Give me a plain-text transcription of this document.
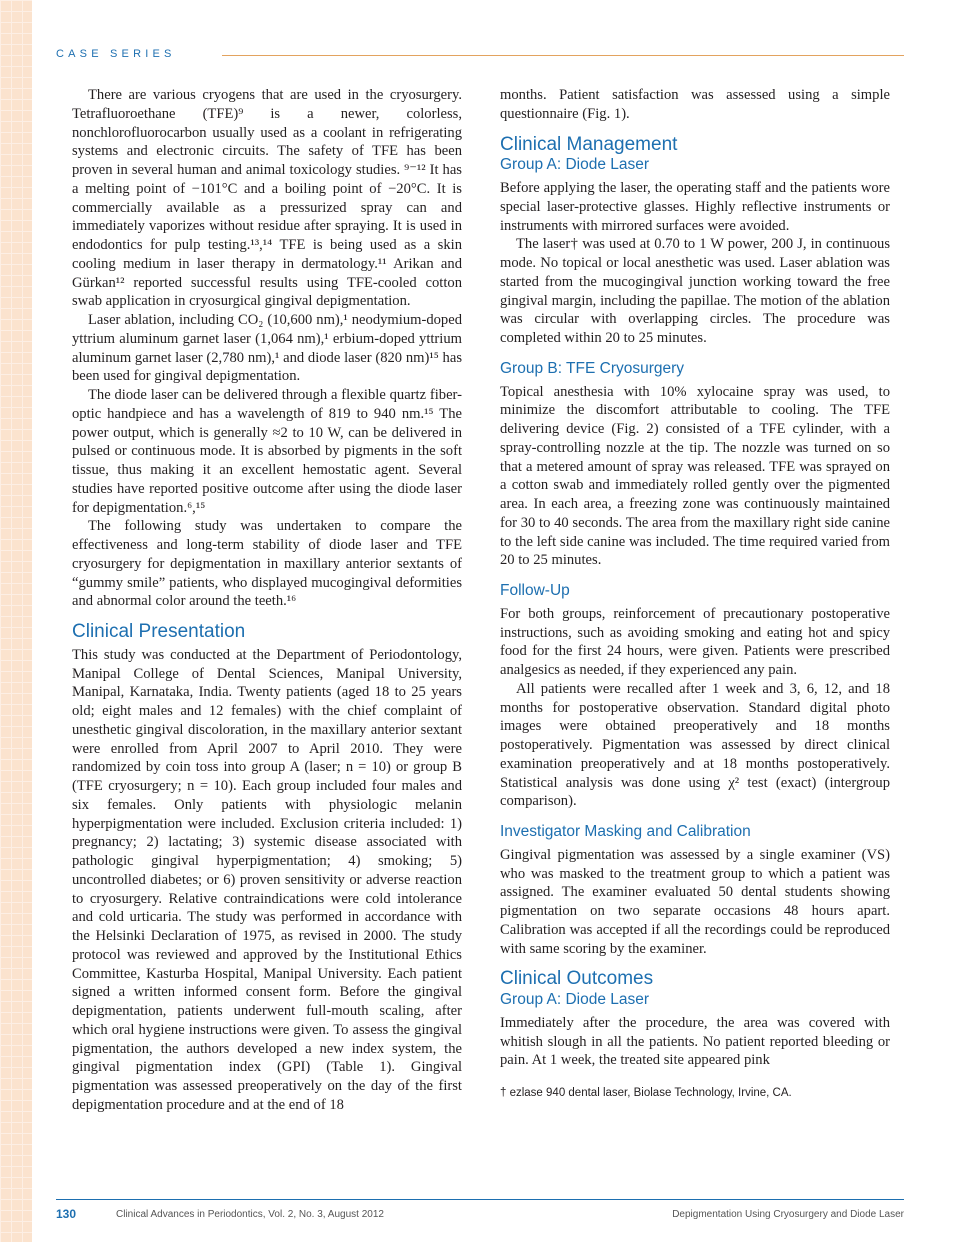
CASE SERIES

There are various cryogens that are used in the cryosurgery. Tetrafluoroethane (TFE)⁹ is a newer, colorless, nonchlorofluorocarbon usually used as a coolant in refrigerating systems and electronic circuits. The safety of TFE has been proven in several human and animal toxicology studies. ⁹⁻¹² It has a melting point of −101°C and a boiling point of −20°C. It is commercially available as a pressurized spray can and immediately vaporizes without residue after spraying. It is used in endodontics for pulp testing.¹³,¹⁴ TFE is being used as a skin cooling medium in laser therapy in dermatology.¹¹ Arikan and Gürkan¹² reported successful results using TFE-cooled cotton swab application in cryosurgical gingival depigmentation.

Laser ablation, including CO₂ (10,600 nm),¹ neodymium-doped yttrium aluminum garnet laser (1,064 nm),¹ erbium-doped yttrium aluminum garnet laser (2,780 nm),¹ and diode laser (820 nm)¹⁵ has been used for gingival depigmentation.

The diode laser can be delivered through a flexible quartz fiber-optic handpiece and has a wavelength of 819 to 940 nm.¹⁵ The power output, which is generally ≈2 to 10 W, can be delivered in pulsed or continuous mode. It is absorbed by pigments in the soft tissue, thus making it an excellent hemostatic agent. Several studies have reported positive outcome after using the diode laser for depigmentation.⁶,¹⁵

The following study was undertaken to compare the effectiveness and long-term stability of diode laser and TFE cryosurgery for depigmentation in maxillary anterior sextants of “gummy smile” patients, who displayed mucogingival deformities and abnormal color around the teeth.¹⁶

Clinical Presentation

This study was conducted at the Department of Periodontology, Manipal College of Dental Sciences, Manipal University, Manipal, Karnataka, India. Twenty patients (aged 18 to 25 years old; eight males and 12 females) with the chief complaint of unesthetic gingival discoloration, in the maxillary anterior sextant were enrolled from April 2007 to April 2010. They were randomized by coin toss into group A (laser; n = 10) or group B (TFE cryosurgery; n = 10). Each group included four males and six females. Only patients with physiologic melanin hyperpigmentation were included. Exclusion criteria included: 1) pregnancy; 2) lactating; 3) systemic disease associated with pathologic gingival hyperpigmentation; 4) smoking; 5) uncontrolled diabetes; or 6) proven sensitivity or adverse reaction to cryosurgery. Relative contraindications were cold intolerance and cold urticaria. The study was performed in accordance with the Helsinki Declaration of 1975, as revised in 2000. The study protocol was reviewed and approved by the Institutional Ethics Committee, Kasturba Hospital, Manipal University. Each patient signed a written informed consent form. Before the gingival depigmentation, patients underwent full-mouth scaling, after which oral hygiene instructions were given. To assess the gingival pigmentation, the authors developed a new index system, the gingival pigmentation index (GPI) (Table 1). Gingival pigmentation was assessed preoperatively on the day of the first depigmentation procedure and at the end of 18

months. Patient satisfaction was assessed using a simple questionnaire (Fig. 1).

Clinical Management
Group A: Diode Laser

Before applying the laser, the operating staff and the patients wore special laser-protective glasses. Highly reflective instruments or instruments with mirrored surfaces were avoided.

The laser† was used at 0.70 to 1 W power, 200 J, in continuous mode. No topical or local anesthetic was used. Laser ablation was started from the mucogingival junction working toward the free gingival margin, including the papillae. The motion of the ablation was circular with overlapping circles. The procedure was completed within 20 to 25 minutes.

Group B: TFE Cryosurgery

Topical anesthesia with 10% xylocaine spray was used, to minimize the discomfort attributable to cooling. The TFE delivering device (Fig. 2) consisted of a TFE cylinder, with a spray-controlling nozzle at the tip. The nozzle was turned on so that a metered amount of spray was released. TFE was sprayed on a cotton swab and immediately rolled gently over the pigmented area. In each area, a freezing zone was continuously maintained for 30 to 40 seconds. The area from the maxillary right side canine to the left side canine was included. The time required varied from 20 to 25 minutes.

Follow-Up

For both groups, reinforcement of precautionary postoperative instructions, such as avoiding smoking and eating hot and spicy food for the first 24 hours, were given. Patients were prescribed analgesics as needed, if they experienced any pain.

All patients were recalled after 1 week and 3, 6, 12, and 18 months for postoperative observation. Standard digital photo images were obtained preoperatively and 18 months postoperatively. Pigmentation was assessed by direct clinical examination preoperatively and at 18 months postoperatively. Statistical analysis was done using χ² test (exact) (intergroup comparison).

Investigator Masking and Calibration

Gingival pigmentation was assessed by a single examiner (VS) who was masked to the treatment group to which a patient was assigned. The examiner evaluated 50 dental students showing pigmentation on two separate occasions 48 hours apart. Calibration was accepted if all the recordings could be reproduced with same scoring by the examiner.

Clinical Outcomes
Group A: Diode Laser

Immediately after the procedure, the area was covered with whitish slough in all the patients. No patient reported bleeding or pain. At 1 week, the treated site appeared pink

† ezlase 940 dental laser, Biolase Technology, Irvine, CA.
130	Clinical Advances in Periodontics, Vol. 2, No. 3, August 2012	Depigmentation Using Cryosurgery and Diode Laser
